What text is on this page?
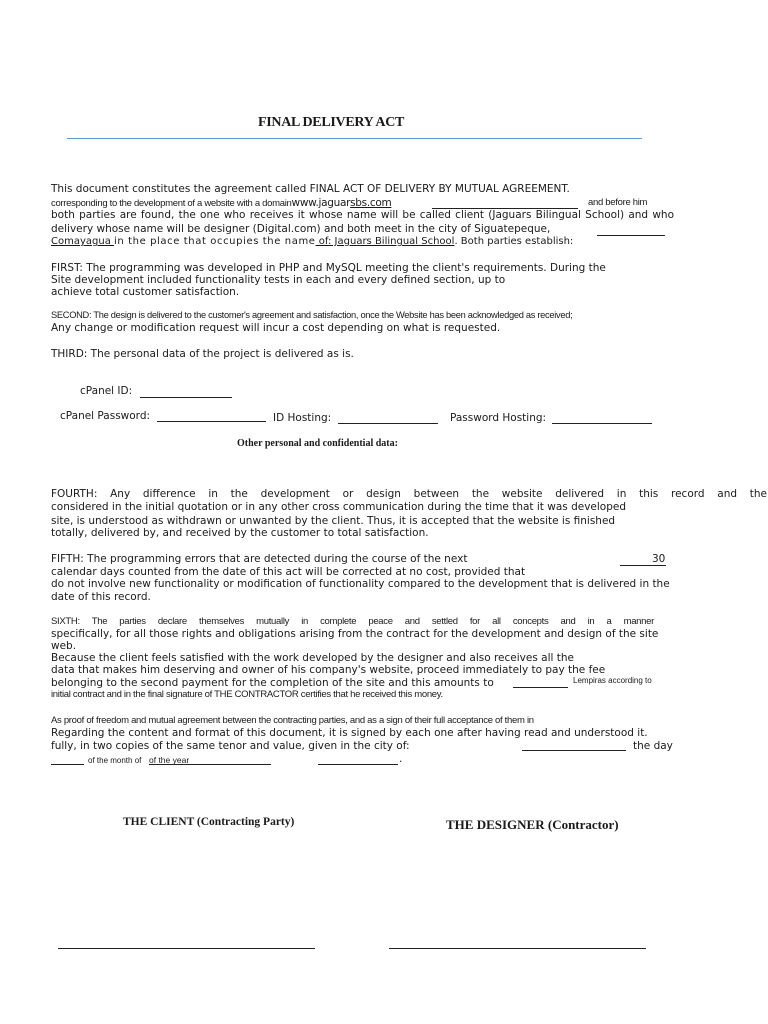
FINAL DELIVERY ACT
This document constitutes the agreement called FINAL ACT OF DELIVERY BY MUTUAL AGREEMENT.
corresponding to the development of a website with a domainwww.jaguarsbs.com	and before him
both parties are found, the one who receives it whose name will be called client (Jaguars Bilingual School) and who
delivery whose name will be designer (Digital.com) and both meet in the city of Siguatepeque,
Comayagua in the place that occupies the name of: Jaguars Bilingual School. Both parties establish:
FIRST: The programming was developed in PHP and MySQL meeting the client's requirements. During the
Site development included functionality tests in each and every defined section, up to
achieve total customer satisfaction.
SECOND: The design is delivered to the customer's agreement and satisfaction, once the Website has been acknowledged as received;
Any change or modification request will incur a cost depending on what is requested.
THIRD: The personal data of the project is delivered as is.
cPanel ID:
cPanel Password:	ID Hosting:	Password Hosting:
Other personal and confidential data:
FOURTH: Any difference in the development or design between the website delivered in this record and the
considered in the initial quotation or in any other cross communication during the time that it was developed
site, is understood as withdrawn or unwanted by the client. Thus, it is accepted that the website is finished
totally, delivered by, and received by the customer to total satisfaction.
FIFTH: The programming errors that are detected during the course of the next	30
calendar days counted from the date of this act will be corrected at no cost, provided that
do not involve new functionality or modification of functionality compared to the development that is delivered in the
date of this record.
SIXTH: The parties declare themselves mutually in complete peace and settled for all concepts and in a manner
specifically, for all those rights and obligations arising from the contract for the development and design of the site
web.
Because the client feels satisfied with the work developed by the designer and also receives all the
data that makes him deserving and owner of his company's website, proceed immediately to pay the fee
belonging to the second payment for the completion of the site and this amounts to	Lempiras according to
initial contract and in the final signature of THE CONTRACTOR certifies that he received this money.
As proof of freedom and mutual agreement between the contracting parties, and as a sign of their full acceptance of them in
Regarding the content and format of this document, it is signed by each one after having read and understood it.
fully, in two copies of the same tenor and value, given in the city of:	the day
of the month of of the year	.
THE CLIENT (Contracting Party)	THE DESIGNER (Contractor)
